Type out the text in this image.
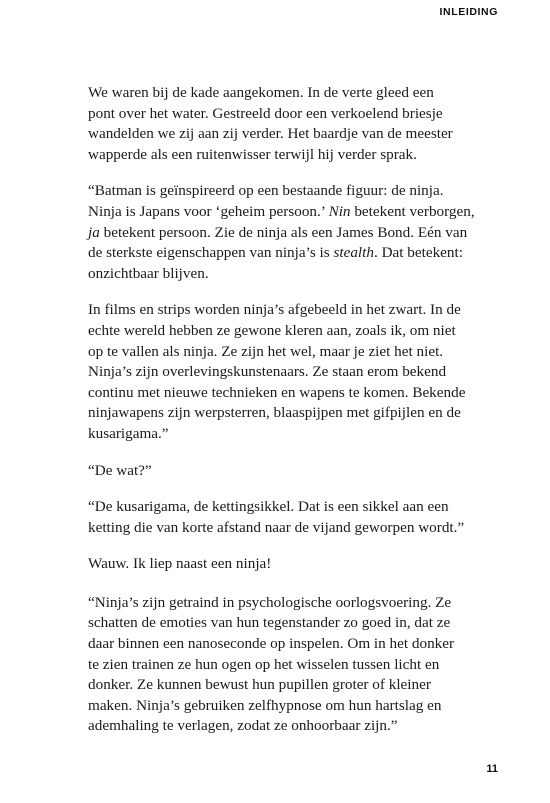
INLEIDING

We waren bij de kade aangekomen. In de verte gleed een
pont over het water. Gestreeld door een verkoelend briesje
wandelden we zij aan zij verder. Het baardje van de meester
wapperde als een ruitenwisser terwijl hij verder sprak.

“Batman is geïnspireerd op een bestaande figuur: de ninja.
Ninja is Japans voor ‘geheim persoon.’ Nin betekent verborgen,
ja betekent persoon. Zie de ninja als een James Bond. Eén van
de sterkste eigenschappen van ninja’s is stealth. Dat betekent:
onzichtbaar blijven.

In films en strips worden ninja’s afgebeeld in het zwart. In de
echte wereld hebben ze gewone kleren aan, zoals ik, om niet
op te vallen als ninja. Ze zijn het wel, maar je ziet het niet.
Ninja’s zijn overlevingskunstenaars. Ze staan erom bekend
continu met nieuwe technieken en wapens te komen. Bekende
ninjawapens zijn werpsterren, blaaspijpen met gifpijlen en de
kusarigama.”

“De wat?”

“De kusarigama, de kettingsikkel. Dat is een sikkel aan een
ketting die van korte afstand naar de vijand geworpen wordt.”

Wauw. Ik liep naast een ninja!

“Ninja’s zijn getraind in psychologische oorlogsvoering. Ze
schatten de emoties van hun tegenstander zo goed in, dat ze
daar binnen een nanoseconde op inspelen. Om in het donker
te zien trainen ze hun ogen op het wisselen tussen licht en
donker. Ze kunnen bewust hun pupillen groter of kleiner
maken. Ninja’s gebruiken zelfhypnose om hun hartslag en
ademhaling te verlagen, zodat ze onhoorbaar zijn.”

11
